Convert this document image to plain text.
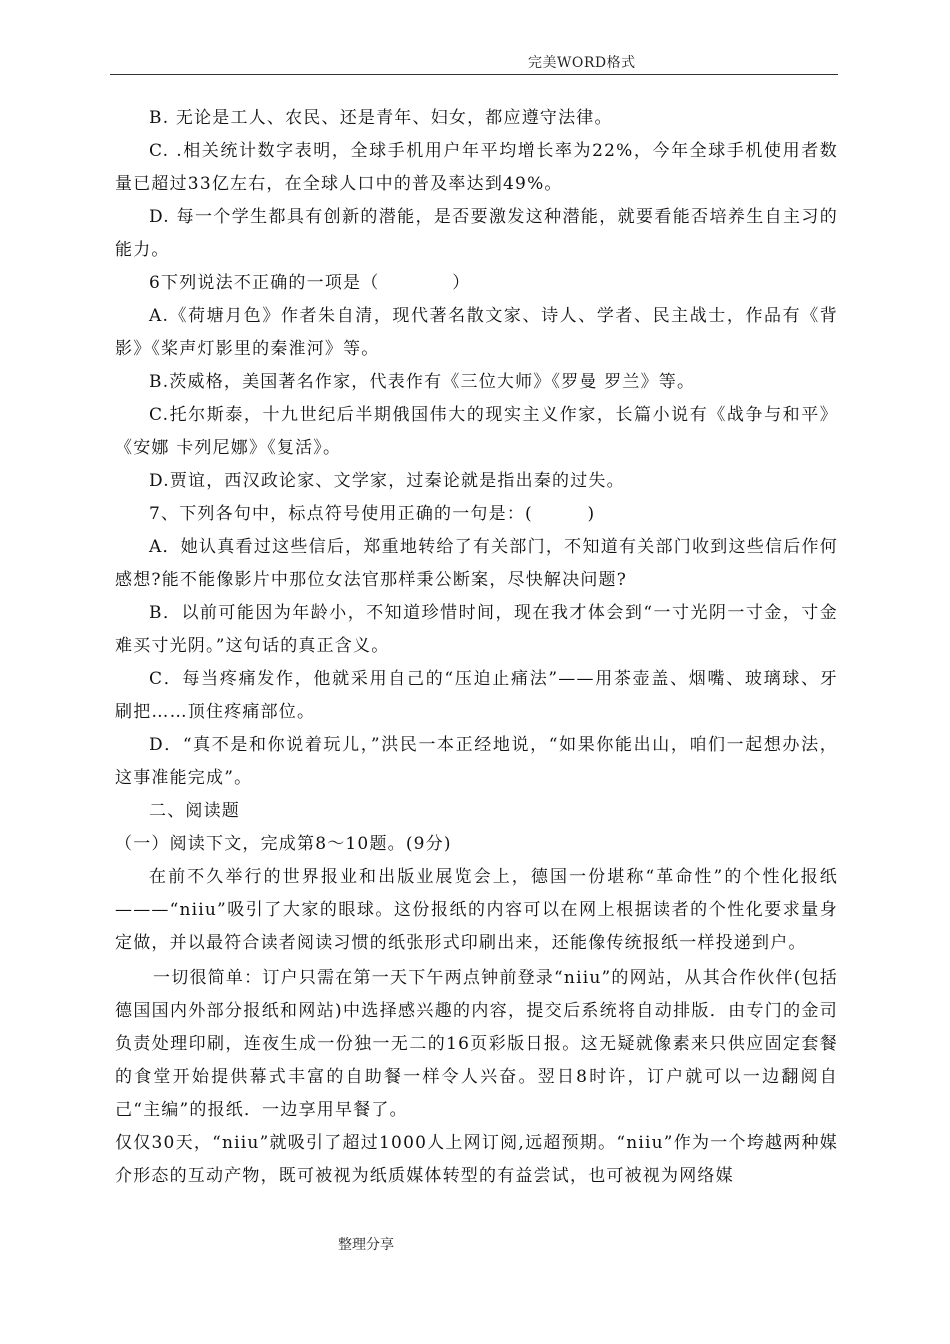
完美WORD格式

B. 无论是工人、农民、还是青年、妇女，都应遵守法律。

C. .相关统计数字表明，全球手机用户年平均增长率为22%，今年全球手机使用者数量已超过33亿左右，在全球人口中的普及率达到49%。

D. 每一个学生都具有创新的潜能，是否要激发这种潜能，就要看能否培养生自主习的能力。

6下列说法不正确的一项是（　　　　）

A.《荷塘月色》作者朱自清，现代著名散文家、诗人、学者、民主战士，作品有《背影》《桨声灯影里的秦淮河》等。

B.茨威格，美国著名作家，代表作有《三位大师》《罗曼 罗兰》等。

C.托尔斯泰，十九世纪后半期俄国伟大的现实主义作家，长篇小说有《战争与和平》《安娜 卡列尼娜》《复活》。

D.贾谊，西汉政论家、文学家，过秦论就是指出秦的过失。

7、下列各句中，标点符号使用正确的一句是：(　　　)

A．她认真看过这些信后，郑重地转给了有关部门，不知道有关部门收到这些信后作何感想?能不能像影片中那位女法官那样秉公断案，尽快解决问题?

B．以前可能因为年龄小，不知道珍惜时间，现在我才体会到“一寸光阴一寸金，寸金难买寸光阴。”这句话的真正含义。

C．每当疼痛发作，他就采用自己的“压迫止痛法”——用茶壶盖、烟嘴、玻璃球、牙刷把……顶住疼痛部位。

D．“真不是和你说着玩儿，”洪民一本正经地说，“如果你能出山，咱们一起想办法，这事准能完成”。

二、阅读题

（一）阅读下文，完成第8～10题。(9分)

在前不久举行的世界报业和出版业展览会上，德国一份堪称“革命性”的个性化报纸———“niiu”吸引了大家的眼球。这份报纸的内容可以在网上根据读者的个性化要求量身定做，并以最符合读者阅读习惯的纸张形式印刷出来，还能像传统报纸一样投递到户。

一切很简单：订户只需在第一天下午两点钟前登录“niiu”的网站，从其合作伙伴(包括德国国内外部分报纸和网站)中选择感兴趣的内容，提交后系统将自动排版．由专门的金司负责处理印刷，连夜生成一份独一无二的16页彩版日报。这无疑就像素来只供应固定套餐的食堂开始提供幕式丰富的自助餐一样令人兴奋。翌日8时许，订户就可以一边翻阅自己“主编”的报纸．一边享用早餐了。

仅仅30天，“niiu”就吸引了超过1000人上网订阅,远超预期。“niiu”作为一个垮越两种媒介形态的互动产物，既可被视为纸质媒体转型的有益尝试，也可被视为网络媒

整理分享
